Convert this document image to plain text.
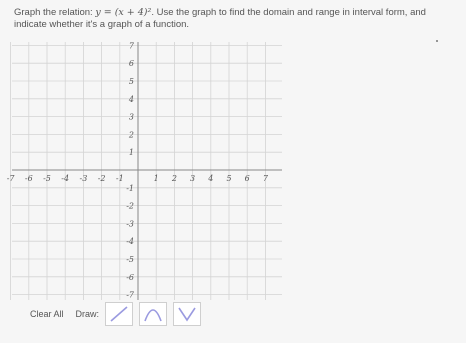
Graph the relation: y = (x + 4)². Use the graph to find the domain and range in interval form, and indicate whether it's a graph of a function.
-7 -6 -5 -4 -3 -2 -1	1 2 3 4 5 6 7
7
6
5
4
3
2
1
-1
-2
-3
-4
-5
-6
-7
Clear All Draw:
